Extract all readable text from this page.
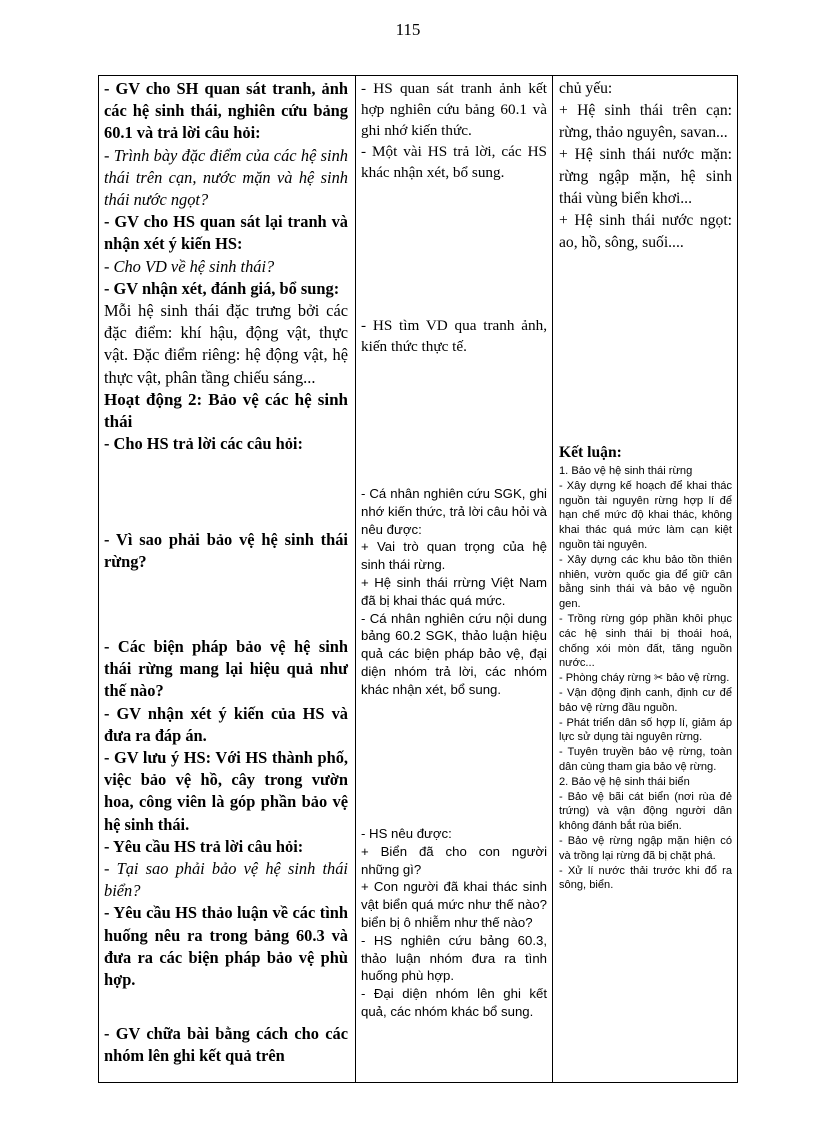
115

- GV cho SH quan sát tranh, ảnh các hệ sinh thái, nghiên cứu bảng 60.1 và trả lời câu hỏi:

- Trình bày đặc điểm của các hệ sinh thái trên cạn, nước mặn và hệ sinh thái nước ngọt?

- GV cho HS quan sát lại tranh và nhận xét ý kiến HS:

- Cho VD về hệ sinh thái?

- GV nhận xét, đánh giá, bổ sung:

Mỗi hệ sinh thái đặc trưng bởi các đặc điểm: khí hậu, động vật, thực vật. Đặc điểm riêng: hệ động vật, hệ thực vật, phân tầng chiếu sáng...

Hoạt động 2: Bảo vệ các hệ sinh thái

- Cho HS trả lời các câu hỏi:

- Vì sao phải bảo vệ hệ sinh thái rừng?

- Các biện pháp bảo vệ hệ sinh thái rừng mang lại hiệu quả như thế nào?

- GV nhận xét ý kiến của HS và đưa ra đáp án.

- GV lưu ý HS: Với HS thành phố, việc bảo vệ hồ, cây trong vườn hoa, công viên là góp phần bảo vệ hệ sinh thái.

- Yêu cầu HS trả lời câu hỏi:

- Tại sao phải bảo vệ hệ sinh thái biển?

- Yêu cầu HS thảo luận về các tình huống nêu ra trong bảng 60.3 và đưa ra các biện pháp bảo vệ phù hợp.

- GV chữa bài bằng cách cho các nhóm lên ghi kết quả trên

- HS quan sát tranh ảnh kết hợp nghiên cứu bảng 60.1 và ghi nhớ kiến thức.

- Một vài HS trả lời, các HS khác nhận xét, bổ sung.

- HS tìm VD qua tranh ảnh, kiến thức thực tế.

- Cá nhân nghiên cứu SGK, ghi nhớ kiến thức, trả lời câu hỏi và nêu được:

+ Vai trò quan trọng của hệ sinh thái rừng.

+ Hệ sinh thái rrừng Việt Nam đã bị khai thác quá mức.

- Cá nhân nghiên cứu nội dung bảng 60.2 SGK, thảo luận hiệu quả các biện pháp bảo vệ, đại diện nhóm trả lời, các nhóm khác nhận xét, bổ sung.

- HS nêu được:

+ Biển đã cho con người những gì?

+ Con người đã khai thác sinh vật biển quá mức như thế nào? biển bị ô nhiễm như thế nào?

- HS nghiên cứu bảng 60.3, thảo luận nhóm đưa ra tình huống phù hợp.

- Đại diện nhóm lên ghi kết quả, các nhóm khác bổ sung.

chủ yếu:

+ Hệ sinh thái trên cạn: rừng, thảo nguyên, savan...

+ Hệ sinh thái nước mặn: rừng ngập mặn, hệ sinh thái vùng biển khơi...

+ Hệ sinh thái nước ngọt: ao, hồ, sông, suối....

Kết luận:

1. Bảo vệ hệ sinh thái rừng

- Xây dựng kế hoạch để khai thác nguồn tài nguyên rừng hợp lí để hạn chế mức độ khai thác, không khai thác quá mức làm cạn kiệt nguồn tài nguyên.

- Xây dựng các khu bảo tồn thiên nhiên, vườn quốc gia để giữ cân bằng sinh thái và bảo vệ nguồn gen.

- Trồng rừng góp phần khôi phục các hệ sinh thái bị thoái hoá, chống xói mòn đất, tăng nguồn nước...

- Phòng cháy rừng ✂ bảo vệ rừng.

- Vận động định canh, định cư để bảo vệ rừng đầu nguồn.

- Phát triển dân số hợp lí, giảm áp lực sử dụng tài nguyên rừng.

- Tuyên truyền bảo vệ rừng, toàn dân cùng tham gia bảo vệ rừng.

2. Bảo vệ hệ sinh thái biển

- Bảo vệ bãi cát biển (nơi rùa đẻ trứng) và vận động người dân không đánh bắt rùa biển.

- Bảo vệ rừng ngập mặn hiện có và trồng lại rừng đã bị chặt phá.

- Xử lí nước thải trước khi đổ ra sông, biển.
